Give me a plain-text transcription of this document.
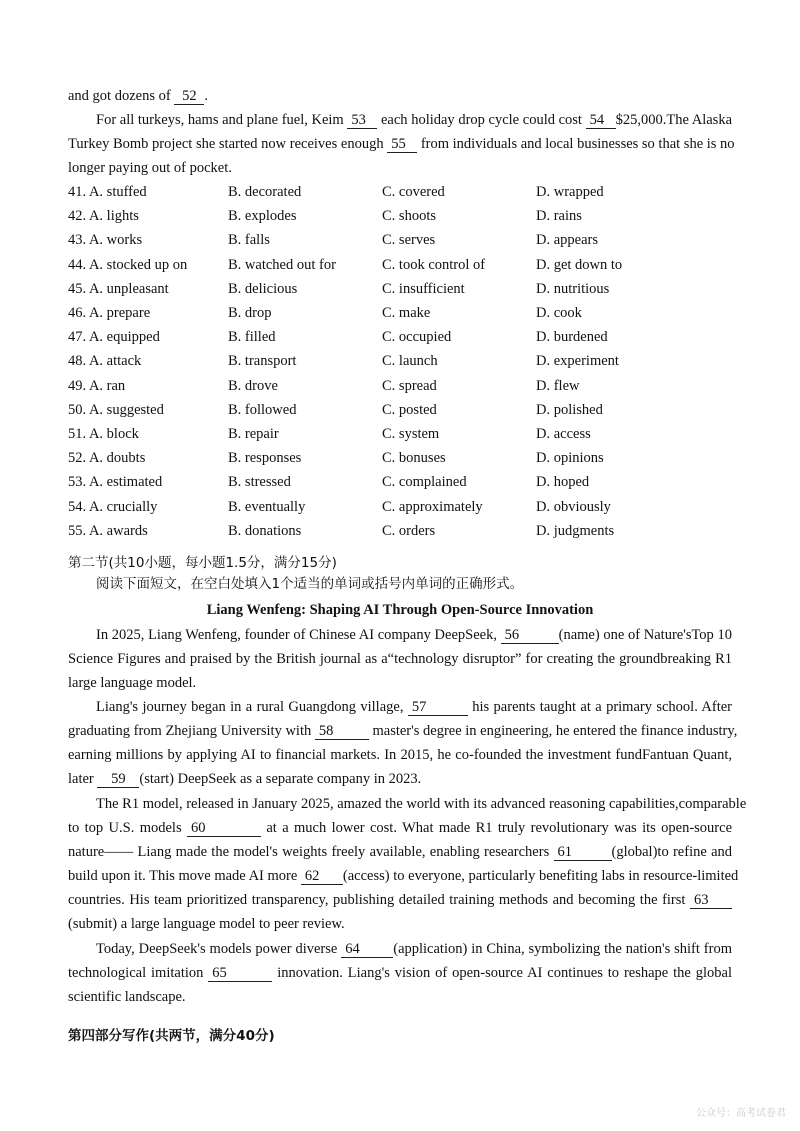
and got dozens of 52 .
For all turkeys, hams and plane fuel, Keim 53 each holiday drop cycle could cost 54 $25,000.The Alaska
Turkey Bomb project she started now receives enough 55 from individuals and local businesses so that she is no
longer paying out of pocket.
41. A. stuffed	B. decorated	C. covered	D. wrapped
42. A. lights	B. explodes	C. shoots	D. rains
43. A. works	B. falls	C. serves	D. appears
44. A. stocked up on	B. watched out for	C. took control of	D. get down to
45. A. unpleasant	B. delicious	C. insufficient	D. nutritious
46. A. prepare	B. drop	C. make	D. cook
47. A. equipped	B. filled	C. occupied	D. burdened
48. A. attack	B. transport	C. launch	D. experiment
49. A. ran	B. drove	C. spread	D. flew
50. A. suggested	B. followed	C. posted	D. polished
51. A. block	B. repair	C. system	D. access
52. A. doubts	B. responses	C. bonuses	D. opinions
53. A. estimated	B. stressed	C. complained	D. hoped
54. A. crucially	B. eventually	C. approximately	D. obviously
55. A. awards	B. donations	C. orders	D. judgments
第二节(共10小题，每小题1.5分，满分15分)
阅读下面短文，在空白处填入1个适当的单词或括号内单词的正确形式。
Liang Wenfeng: Shaping AI Through Open-Source Innovation
In 2025, Liang Wenfeng, founder of Chinese AI company DeepSeek, 56	(name) one of Nature'sTop 10
Science Figures and praised by the British journal as a“technology disruptor” for creating the groundbreaking R1
large language model.
Liang's journey began in a rural Guangdong village, 57	his parents taught at a primary school. After
graduating from Zhejiang University with 58	master's degree in engineering, he entered the finance industry,
earning millions by applying AI to financial markets. In 2015, he co-founded the investment fundFantuan Quant,
later 59 (start) DeepSeek as a separate company in 2023.
The R1 model, released in January 2025, amazed the world with its advanced reasoning capabilities,comparable
to top U.S. models 60	at a much lower cost. What made R1 truly revolutionary was its open-source
nature—— Liang made the model's weights freely available, enabling researchers 61	(global)to refine and
build upon it. This move made AI more 62 (access) to everyone, particularly benefiting labs in resource-limited
countries. His team prioritized transparency, publishing detailed training methods and becoming the first 63
(submit) a large language model to peer review.
Today, DeepSeek's models power diverse 64 (application) in China, symbolizing the nation's shift from
technological imitation 65	innovation. Liang's vision of open-source AI continues to reshape the global
scientific landscape.
第四部分写作(共两节，满分40分)
公众号：高考试卷君
